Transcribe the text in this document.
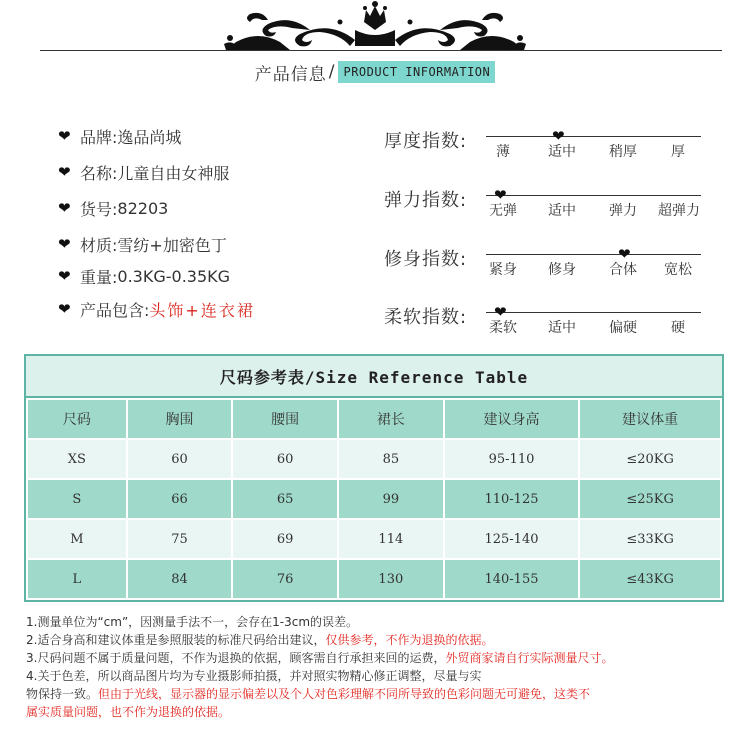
产品信息 / PRODUCT INFORMATION
❤ 品牌: 逸品尚城
❤ 名称: 儿童自由女神服
❤ 货号: 82203
❤ 材质: 雪纺+加密色丁
❤ 重量: 0.3KG-0.35KG
❤ 产品包含: 头饰+连衣裙
厚度指数:	❤
薄	适中	稍厚	厚
弹力指数: ❤
无弹	适中	弹力	超弹力
修身指数:	❤
紧身	修身	合体	宽松
柔软指数: ❤
柔软	适中	偏硬	硬
尺码参考表/Size Reference Table
尺码	胸围	腰围	裙长	建议身高	建议体重
XS	60	60	85	95-110	≤20KG
S	66	65	99	110-125	≤25KG
M	75	69	114	125-140	≤33KG
L	84	76	130	140-155	≤43KG
1.测量单位为“cm”，因测量手法不一，会存在1-3cm的误差。
2.适合身高和建议体重是参照服装的标准尺码给出建议，仅供参考，不作为退换的依据。
3.尺码问题不属于质量问题，不作为退换的依据，顾客需自行承担来回的运费，外贸商家请自行实际测量尺寸。
4.关于色差，所以商品图片均为专业摄影师拍摄，并对照实物精心修正调整，尽量与实
物保持一致。但由于光线，显示器的显示偏差以及个人对色彩理解不同所导致的色彩问题无可避免，这类不
属实质量问题，也不作为退换的依据。
